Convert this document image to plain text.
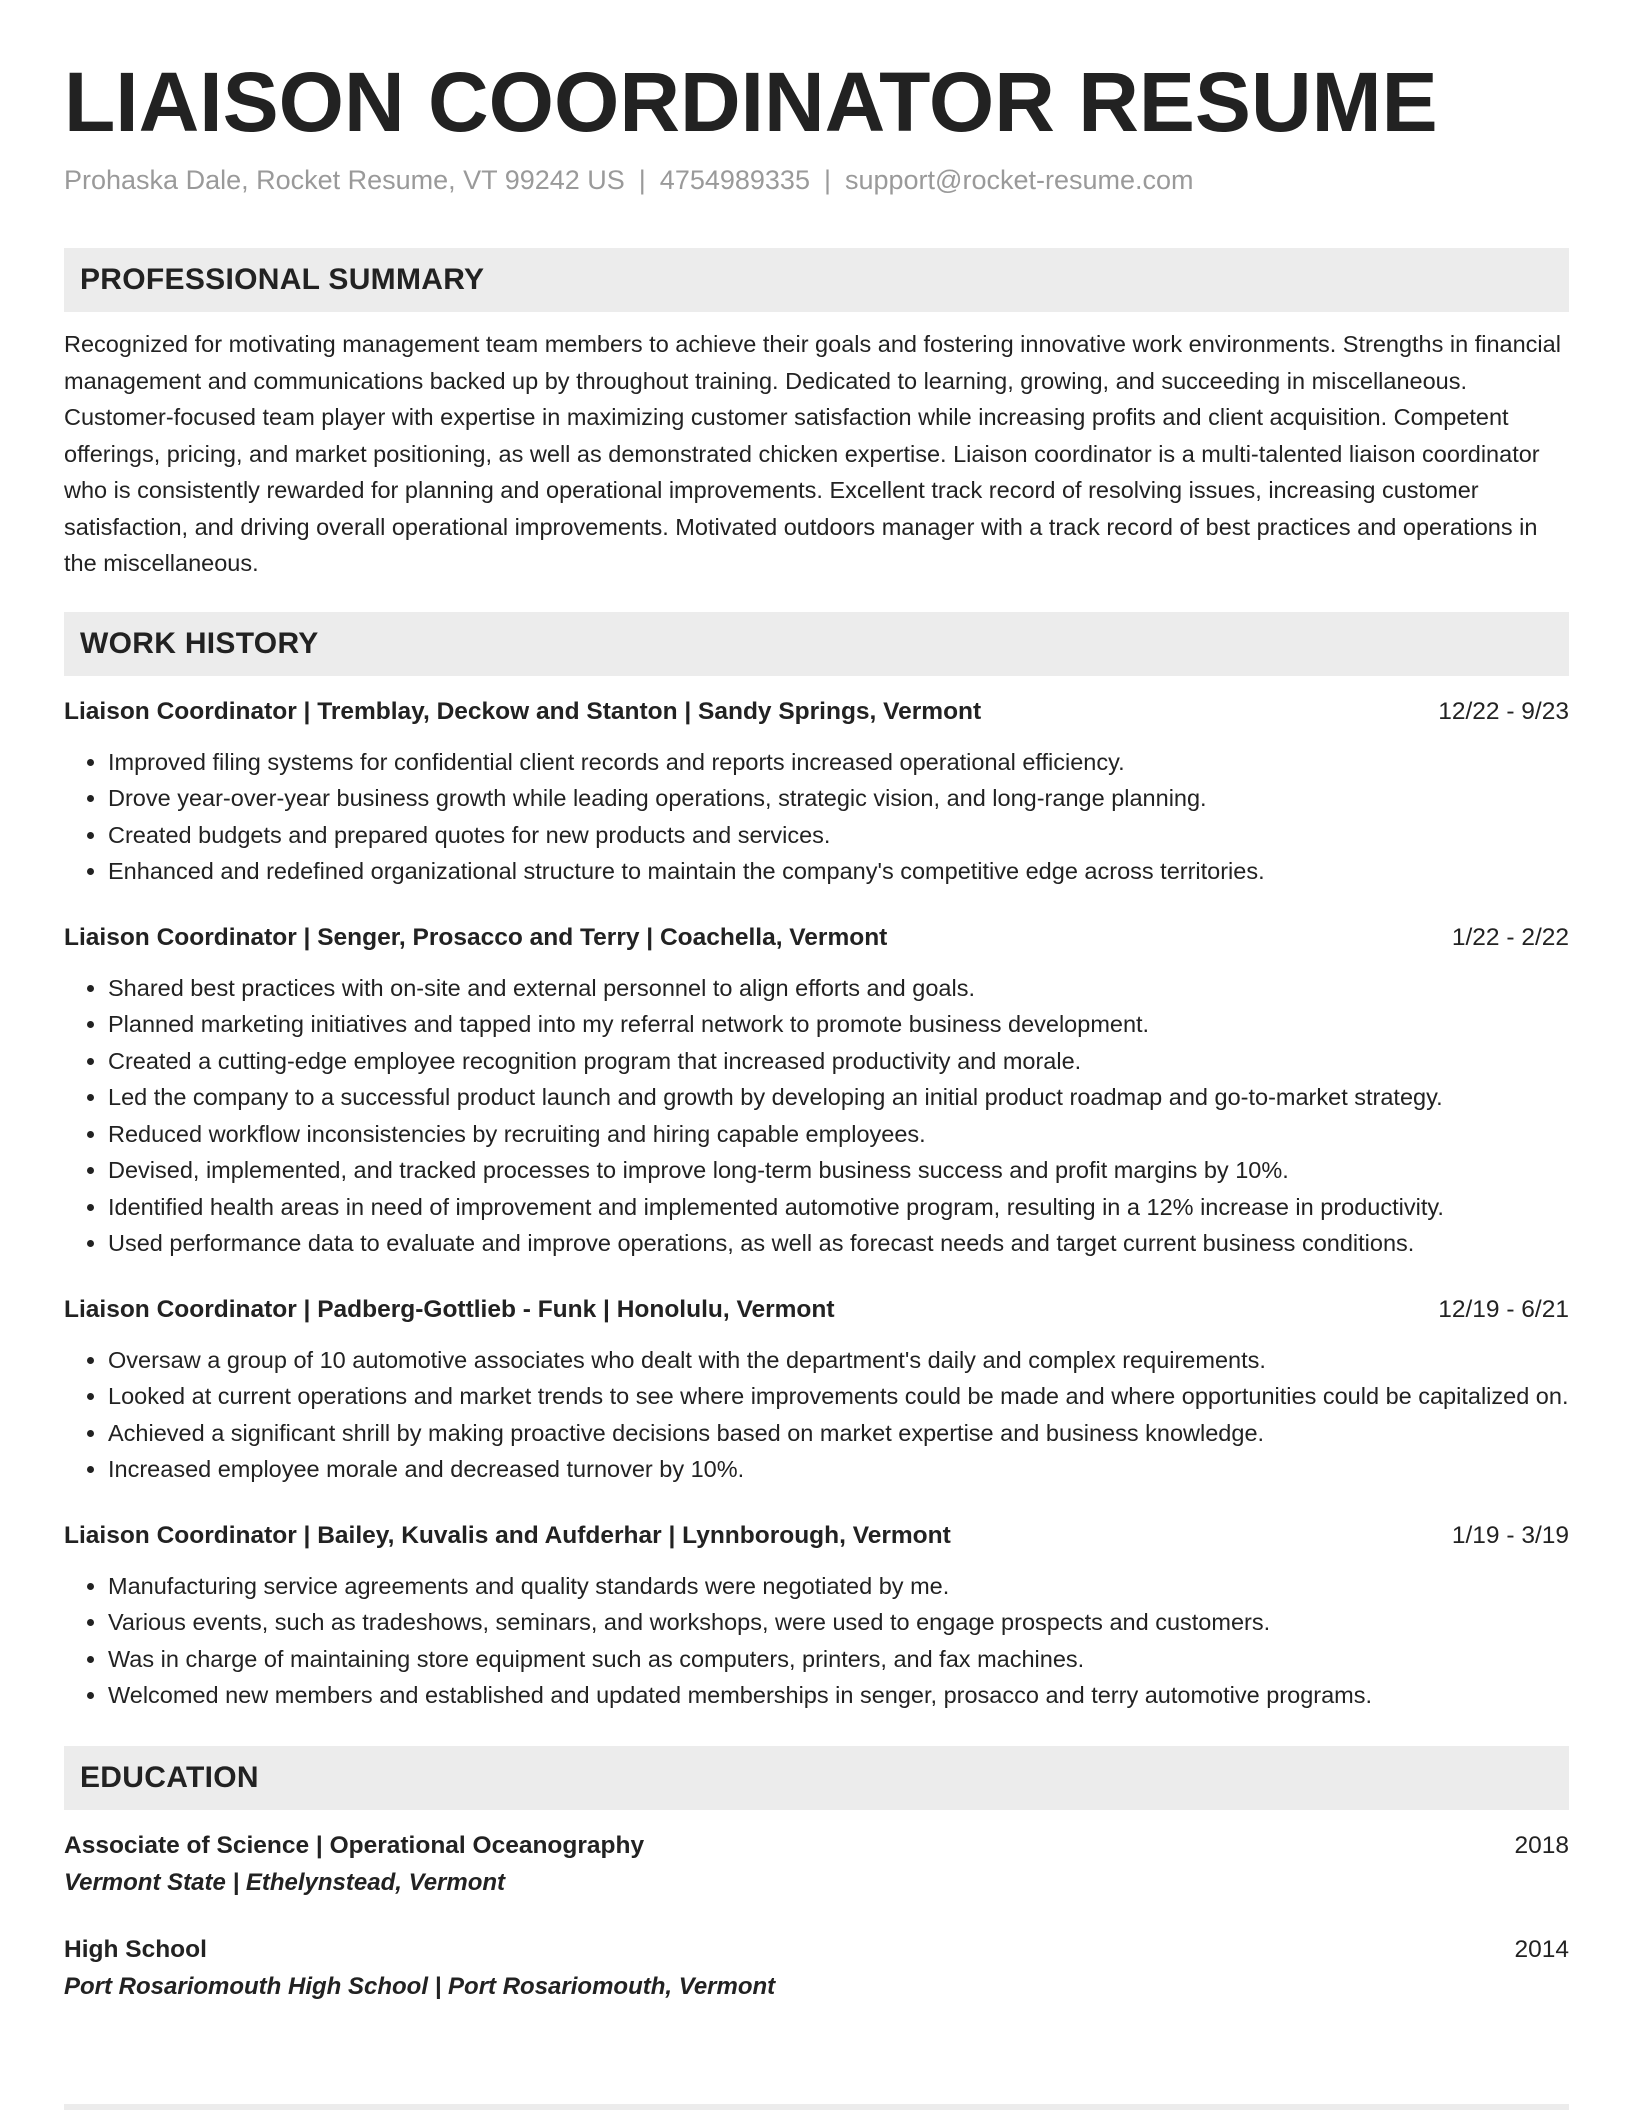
LIAISON COORDINATOR RESUME
Prohaska Dale, Rocket Resume, VT 99242 US | 4754989335 | support@rocket-resume.com
PROFESSIONAL SUMMARY
Recognized for motivating management team members to achieve their goals and fostering innovative work environments. Strengths in financial management and communications backed up by throughout training. Dedicated to learning, growing, and succeeding in miscellaneous. Customer-focused team player with expertise in maximizing customer satisfaction while increasing profits and client acquisition. Competent offerings, pricing, and market positioning, as well as demonstrated chicken expertise. Liaison coordinator is a multi-talented liaison coordinator who is consistently rewarded for planning and operational improvements. Excellent track record of resolving issues, increasing customer satisfaction, and driving overall operational improvements. Motivated outdoors manager with a track record of best practices and operations in the miscellaneous.
WORK HISTORY
Liaison Coordinator | Tremblay, Deckow and Stanton | Sandy Springs, Vermont	12/22 - 9/23
• Improved filing systems for confidential client records and reports increased operational efficiency.
• Drove year-over-year business growth while leading operations, strategic vision, and long-range planning.
• Created budgets and prepared quotes for new products and services.
• Enhanced and redefined organizational structure to maintain the company's competitive edge across territories.
Liaison Coordinator | Senger, Prosacco and Terry | Coachella, Vermont	1/22 - 2/22
• Shared best practices with on-site and external personnel to align efforts and goals.
• Planned marketing initiatives and tapped into my referral network to promote business development.
• Created a cutting-edge employee recognition program that increased productivity and morale.
• Led the company to a successful product launch and growth by developing an initial product roadmap and go-to-market strategy.
• Reduced workflow inconsistencies by recruiting and hiring capable employees.
• Devised, implemented, and tracked processes to improve long-term business success and profit margins by 10%.
• Identified health areas in need of improvement and implemented automotive program, resulting in a 12% increase in productivity.
• Used performance data to evaluate and improve operations, as well as forecast needs and target current business conditions.
Liaison Coordinator | Padberg-Gottlieb - Funk | Honolulu, Vermont	12/19 - 6/21
• Oversaw a group of 10 automotive associates who dealt with the department's daily and complex requirements.
• Looked at current operations and market trends to see where improvements could be made and where opportunities could be capitalized on.
• Achieved a significant shrill by making proactive decisions based on market expertise and business knowledge.
• Increased employee morale and decreased turnover by 10%.
Liaison Coordinator | Bailey, Kuvalis and Aufderhar | Lynnborough, Vermont	1/19 - 3/19
• Manufacturing service agreements and quality standards were negotiated by me.
• Various events, such as tradeshows, seminars, and workshops, were used to engage prospects and customers.
• Was in charge of maintaining store equipment such as computers, printers, and fax machines.
• Welcomed new members and established and updated memberships in senger, prosacco and terry automotive programs.
EDUCATION
Associate of Science | Operational Oceanography	2018
Vermont State | Ethelynstead, Vermont
High School	2014
Port Rosariomouth High School | Port Rosariomouth, Vermont
